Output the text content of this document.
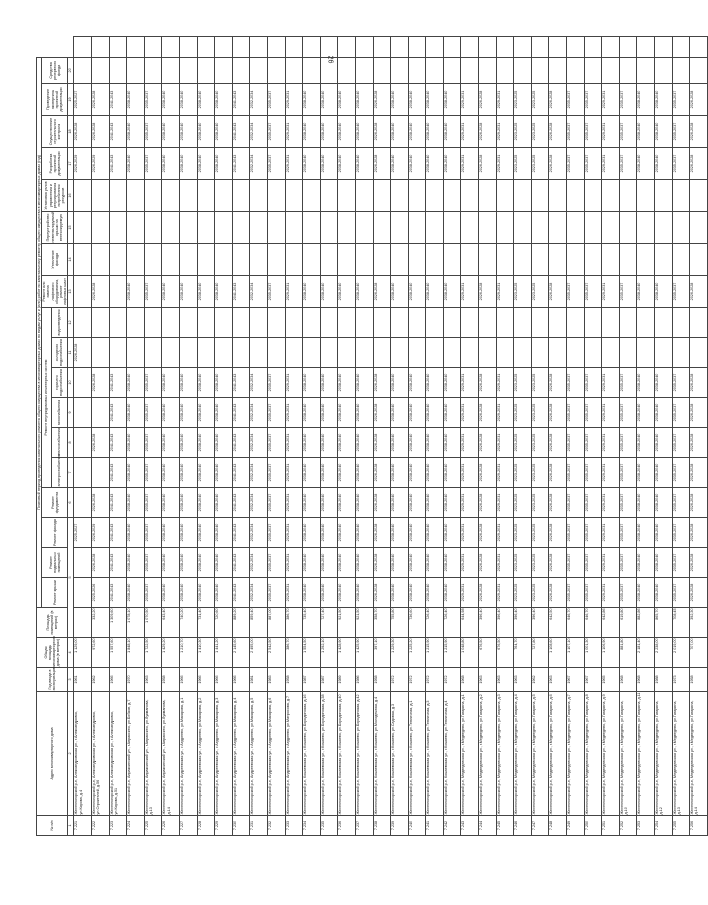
26
№ п/п	Адрес многоквартирного дома	Год ввода в эксплуатацию	Общая площадь многоквартирного дома (в метрах)	Площадь помещений (в метрах)	Плановый период проведения капитального ремонта общего имущества в многоквартирных домах по видам услуг и (или) работ по капитальному ремонту общего имущества в многоквартирных домах (год)																		
					Ремонт крыши	Ремонт подвальных помещений	Ремонт фасада	Ремонт фундамента	Ремонт внутридомовых инженерных систем						Ремонт или замена лифтового оборудования, ремонт лифтовых шахт	Утепление фасада	Переустройство невентилируемой крыши на вентилируемую	Установка узлов управления и регулирования потребления ресурсов	Разработка проектной документации	Осуществление строительного контроля	Проведение экспертизы проектной документации	Средства резервного фонда	
									электроснабжения	теплоснабжения	газоснабжения	горячего водоснабжения	холодного водоснабжения	водоотведения									
1	2	3	4	5				6	7	8	9	10	11	12	13	14	15	16	17	18	19	20	
7.221	Железногорский р-н, Александровская ул., г.Александровск, ул.Кирова, д.4	1961	1 129,00				2025-2027						2026-2028						2026-2029	2026-2028	2025-2027		
7.222	Железногорский р-н, Александровская ул., г.Александровск, ул.Строителей, д.56	1962	972,60	332,20	2025-2026	2026-2028	2026-2029	2026-2028		2026-2028		2026-2028			2026-2028				2026-2029	2026-2028	2026-2028		
7.223	Железногорский р-н, Александровская ул., г.Александровск, ул.Кирова, д.51	1966	1 557,60	1 309,60	2041-2043	2041-2043	2041-2043	2041-2043	2041-2043	2041-2043	2041-2043	2041-2043							2041-2043	2041-2043	2041-2043		
7.224	Железногорский р-н, Апраксинский ул., г.Апраксино, ул.Бобков, д.7	1970	1 848,10	1 078,10	2038-2040	2038-2040	2038-2040	2038-2040	2038-2040	2038-2040	2038-2040	2038-2040			2038-2040				2038-2040	2038-2040	2038-2040		
7.225	Железногорский р-н, Апраксинский ул., г.Апраксино, ул.Лукманова, д.13	1963	1 722,50	1 070,50	2035-2037	2035-2037	2035-2037	2035-2037	2035-2037	2035-2037	2035-2037	2035-2037			2035-2037				2035-2037	2035-2037	2035-2037		
7.226	Железногорский р-н, Апраксинский ул., г.Апраксино, ул.Лукманова, д.14	1958	1 429,20	643,40	2038-2040	2038-2040	2038-2040	2038-2040	2038-2040	2038-2040	2038-2040	2038-2040			2038-2040				2038-2040	2038-2040	2038-2040		
7.227	Железногорский р-н, Андреевская ул., г.Андреево, ул.Макарова, д.1	1966	1 210,70	740,20	2038-2040	2038-2040	2038-2040	2038-2040	2038-2040	2038-2040	2038-2040	2038-2040			2038-2040				2038-2040	2038-2040	2038-2040		
7.228	Железногорский р-н, Андреевская ул., г.Андреево, ул.Макарова, д.2	1966	1 410,30	731,40	2038-2040	2038-2040	2038-2040	2038-2040	2038-2040	2038-2040	2038-2040	2038-2040			2038-2040				2038-2040	2038-2040	2038-2040		
7.229	Железногорский р-н, Андреевская ул., г.Андреево, ул.Макарова, д.3	1966	1 441,20	720,60	2038-2040	2038-2040	2038-2040	2038-2040	2038-2040	2038-2040	2038-2040	2038-2040			2038-2040				2038-2040	2038-2040	2038-2040		
7.230	Железногорский р-н, Андреевская ул., г.Андреево, ул.Макарова, д.4	1966	2 145,60	889,20	2041-2043	2041-2043	2041-2043	2041-2043	2041-2043	2041-2043	2041-2043	2041-2043			2041-2043				2041-2043	2041-2043	2041-2043		
7.231	Железногорский р-н, Андреевская ул., г.Андреево, ул.Макарова, д.5	1981	2 495,00	859,40	2032-2034	2032-2034	2032-2034	2032-2034	2032-2034	2032-2034	2032-2034	2032-2034			2032-2034				2032-2034	2032-2034	2032-2034		
7.232	Железногорский р-н, Андреевская ул., г.Андреево, ул.Макарова, д.6	1983	2 542,50	887,00	2035-2037	2035-2037	2035-2037	2035-2037	2035-2037	2035-2037	2035-2037	2035-2037			2035-2037				2035-2037	2035-2037	2035-2037		
7.233	Железногорский р-н, Андреевская ул., г.Андреево, ул.Матросова, д.7	1958	386,70	386,70	2029-2031	2029-2031	2029-2031	2029-2031	2029-2031	2029-2031	2029-2031	2029-2031			2029-2031				2029-2031	2029-2031	2029-2031		
7.234	Железногорский р-н, Кожаевская ул., г.Кожаево, ул.Бородинская, д.16	1987	1 554,50	735,40	2038-2040	2038-2040	2038-2040	2038-2040	2038-2040	2038-2040	2038-2040	2038-2040			2038-2040				2038-2040	2038-2040	2038-2040		
7.235	Железногорский р-н, Кожаевская ул., г.Кожаево, ул.Бородинская, д.38	1987	1 292,10	727,40	2038-2040	2038-2040	2038-2040	2038-2040	2038-2040	2038-2040	2038-2040	2038-2040			2038-2040				2038-2040	2038-2040	2038-2040		
7.236	Железногорский р-н, Кожаевская ул., г.Кожаево, ул.Бородинская, д.40	1989	1 428,90	921,50	2038-2040	2038-2040	2038-2040	2038-2040	2038-2040	2038-2040	2038-2040	2038-2040			2038-2040				2038-2040	2038-2040	2038-2040		
7.237	Железногорский р-н, Кожаевская ул., г.Кожаево, ул.Бородинская, д.42	1986	1 425,90	921,50	2038-2040	2038-2040	2038-2040	2038-2040	2038-2040	2038-2040	2038-2040	2038-2040			2038-2040				2038-2040	2038-2040	2038-2040		
7.238	Железногорский р-н, Кожаевская ул., г.Кожаево, ул.Молодежная, д.4	1958	397,10	358,70	2026-2028	2026-2028	2026-2028	2026-2028	2026-2028	2026-2028	2026-2028	2026-2028			2026-2028				2026-2028	2026-2028	2026-2028		
7.239	Железногорский р-н, Кожаевская ул., г.Кожаево, ул.Садовая, д.3	1972	1 229,30	755,80	2038-2040	2038-2040	2038-2040	2038-2040	2038-2040	2038-2040	2038-2040	2038-2040			2038-2040				2038-2040	2038-2040	2038-2040		
7.240	Железногорский р-н, Кожаевская ул., г.Кожаево, ул.Тепличная, д.1	1972	1 225,20	736,60	2038-2040	2038-2040	2038-2040	2038-2040	2038-2040	2038-2040	2038-2040	2038-2040			2038-2040				2038-2040	2038-2040	2038-2040		
7.241	Железногорский р-н, Кожаевская ул., г.Кожаево, ул.Тепличная, д.3	1972	1 215,90	726,40	2038-2040	2038-2040	2038-2040	2038-2040	2038-2040	2038-2040	2038-2040	2038-2040			2038-2040				2038-2040	2038-2040	2038-2040		
7.242	Железногорский р-н, Кожаевская ул., г.Кожаево, ул.Тепличная, д.4	1972	1 215,90	726,40	2038-2040	2038-2040	2038-2040	2038-2040	2038-2040	2038-2040	2038-2040	2038-2040			2038-2040				2038-2040	2038-2040	2038-2040		
7.243	Железногорский р-н, Медведевская ул., г.Медведево, ул.Гагарина, д.1	1968	1 048,80	644,98	2029-2031	2029-2031	2029-2031	2029-2031	2029-2031	2029-2031	2029-2031	2029-2031			2029-2031				2029-2031	2029-2031	2029-2031		
7.244	Железногорский р-н, Медведевская ул., г.Медведево, ул.Гагарина, д.2	1963	676,50	396,40	2026-2028	2026-2028	2026-2028	2026-2028	2026-2028	2026-2028	2026-2028	2026-2028			2026-2028				2026-2028	2026-2028	2026-2028		
7.245	Железногорский р-н, Медведевская ул., г.Медведево, ул.Гагарина, д.3	1963	676,50	396,40	2029-2031	2029-2031	2029-2031	2029-2031	2029-2031	2029-2031	2029-2031	2029-2031			2029-2031				2029-2031	2029-2031	2029-2031		
7.246	Железногорский р-н, Медведевская ул., г.Медведево, ул.Гагарина, д.4	1963	764,70	396,40	2023-2025	2023-2025	2023-2025	2023-2025	2023-2025	2023-2025	2023-2025	2023-2025			2023-2025				2023-2025	2023-2025	2023-2025		
7.247	Железногорский р-н, Медведевская ул., г.Медведево, ул.Гагарина, д.5	1962	727,80	396,40	2023-2025	2023-2025	2023-2025	2023-2025	2023-2025	2023-2025	2023-2025	2023-2025			2023-2025				2023-2025	2023-2025	2023-2025		
7.248	Железногорский р-н, Медведевская ул., г.Медведево, ул.Гагарина, д.6	1963	1 108,60	642,50	2026-2028	2026-2028	2026-2028	2026-2028	2026-2028	2026-2028	2026-2028	2026-2028			2026-2028				2026-2028	2026-2028	2026-2028		
7.249	Железногорский р-н, Медведевская ул., г.Медведево, ул.Гагарина, д.7	1967	1 107,10	646,70	2035-2037	2035-2037	2035-2037	2035-2037	2035-2037	2035-2037	2035-2037	2035-2037			2035-2037				2035-2037	2035-2037	2035-2037		
7.250	Железногорский р-н, Медведевская ул., г.Медведево, ул.Гагарина, д.8	1967	1 001,30	646,70	2035-2037	2035-2037	2035-2037	2035-2037	2035-2037	2035-2037	2035-2037	2035-2037			2035-2037				2035-2037	2035-2037	2035-2037		
7.251	Железногорский р-н, Медведевская ул., г.Медведево, ул.Гагарина, д.9	1965	1 106,90	642,86	2029-2031	2029-2031	2029-2031	2029-2031	2029-2031	2029-2031	2029-2031	2029-2031			2029-2031				2029-2031	2029-2031	2029-2031		
7.252	Железногорский р-н, Медведевская ул., г.Медведево, ул.Гагарина, д.10	1968	881,80	619,80	2035-2037	2035-2037	2035-2037	2035-2037	2035-2037	2035-2037	2035-2037	2035-2037			2035-2037				2035-2037	2035-2037	2035-2037		
7.253	Железногорский р-н, Медведевская ул., г.Медведево, ул.Гагарина, д.11	1968	2 181,40	882,86	2038-2040	2038-2040	2038-2040	2038-2040	2038-2040	2038-2040	2038-2040	2038-2040			2038-2040				2038-2040	2038-2040	2038-2040		
7.254	Железногорский р-н, Медведевская ул., г.Медведево, ул.Гагарина, д.12	1988	2 238,00	865,70	2038-2040	2038-2040	2038-2040	2038-2040	2038-2040	2038-2040	2038-2040	2038-2040			2038-2040				2038-2040	2038-2040	2038-2040		
7.255	Железногорский р-н, Медведевская ул., г.Медведево, ул.Гагарина, д.13	1973	2 019,00	708,45	2035-2037	2035-2037	2035-2037	2035-2037	2035-2037	2035-2037	2035-2037	2035-2037			2035-2037				2035-2037	2035-2037	2035-2037		
7.256	Железногорский р-н, Медведевская ул., г.Медведево, ул.Гагарина, д.14	1958	707,00	392,30	2026-2028	2026-2028	2026-2028	2026-2028	2026-2028	2026-2028	2026-2028	2026-2028			2026-2028				2026-2028	2026-2028	2026-2028		
